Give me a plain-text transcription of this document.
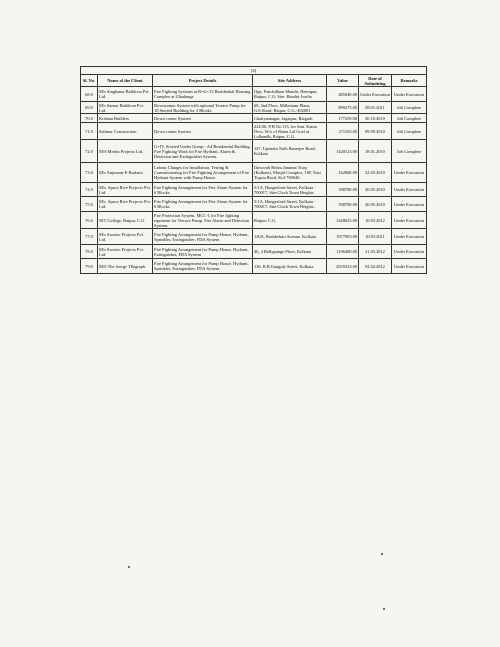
[4]						
Sl. No.	Name of the Client	Project Details	Site Address	Value	Date of Submitting	Remarks
68.0	M/s Singhania Buildcon Pvt. Ltd.	Fire Fighting Systems at B+G+13 Residential Housing Complex at Ultadanga	Opp. Panchdhara Mandir, Heerapur, Raipur, C.G. Site: Harshit Jwelix	485040.00	Under Execution	Under Execution
69.0	M/s Sansar Buildcon Pvt. Ltd.	Downcomer System with optional Terrace Pump for 10 Storied Building for 3 Blocks	#8, 2nd Floor, Millenium Plaza, G.E.Road, Raipur, C.G.-492001	899275.00	08.01.2011	Job Complete
70.0	Krishna Builders	Down comer System	Chaitynanagar, Jagatpur, Raigarh	177259.00	30.10.2010	Job Complete
71.0	Salimar Construction	Down comer System	224/36, P.H.No.113, for Smt. Kanta Devi, W/o of Ratan Lal Goel at Lalbandh, Raipur, C.G.	271165.00	09.09.2010	Job Complete
72.0	M/S Merlin Projects Ltd.	G+IV, Stoeied Under Group - A4 Residential Building, Fire Fighting Work for Fire Hydrant, Alarm & Detection and Extinguisher System.	147, Upendra Nath Banerjee Road, Kolkata	1420123.00	18.01.2010	Job Complete
73.0	M/s Anjuman-E-Burhani	Labour Charges for Installation, Testing & Commissioning for Fire Fighting Arrangement of Fire Hydrant System with Pump House.	Dawoodi Bohra Jammat Trust (Kolkata), Masjid Complex, 16F, East Topsia Raod, Kol-700046.	162668.00	22.03.2010	Under Execution
74.0	M/s. Space Rice Projects Pvt. Ltd.	Fire Fighting Arrangement for Fire Alarm System for 6 Blocks.	5/1A, Hungerford Street, Kolkata - 700017, Site:Clock Town Heights	398700.00	20.05.2010	Under Execution
75.0	M/s. Space Rice Projects Pvt. Ltd.	Fire Fighting Arrangement for Fire Alarm System for 6 Blocks.	5/1A, Hungerford Street, Kolkata - 700017, Site:Clock Town Heights.	398700.00	20.05.2010	Under Execution
76.0	NIT College, Raipur, C.G.	Fire Protection System, MCC-1 for Fire fighting equiment for Terrace Pump, Fire Alarm and Detection System.	Raipur, C.G.	1428625.00	10.03.2012	Under Execution
77.0	M/s Swastic Projects Pvt. Ltd.	Fire Fighting Arrangement for Pump House, Hydrant, Sprinkler, Extinguisher, FDA System	130A, Rashbehari Avenue, Kolkata	1977903.00	10.03.2011	Under Execution
78.0	M/s Swastic Projects Pvt. Ltd.	Fire Fighting Arrangement for Pump House, Hydrant, Extinguisher, FDA System	46_4 Ballygunge Place, Kolkata	1196400.00	21.03.2012	Under Execution
79.0	M/S The Jeorge Tllegraph	Fire Fighting Arrangement for Pump House, Hydrant, Sprinkler, Extinguisher, FDA System	136, B.B.Ganguly Street, Kolkata	2655523.00	02.04.2012	Under Execution
